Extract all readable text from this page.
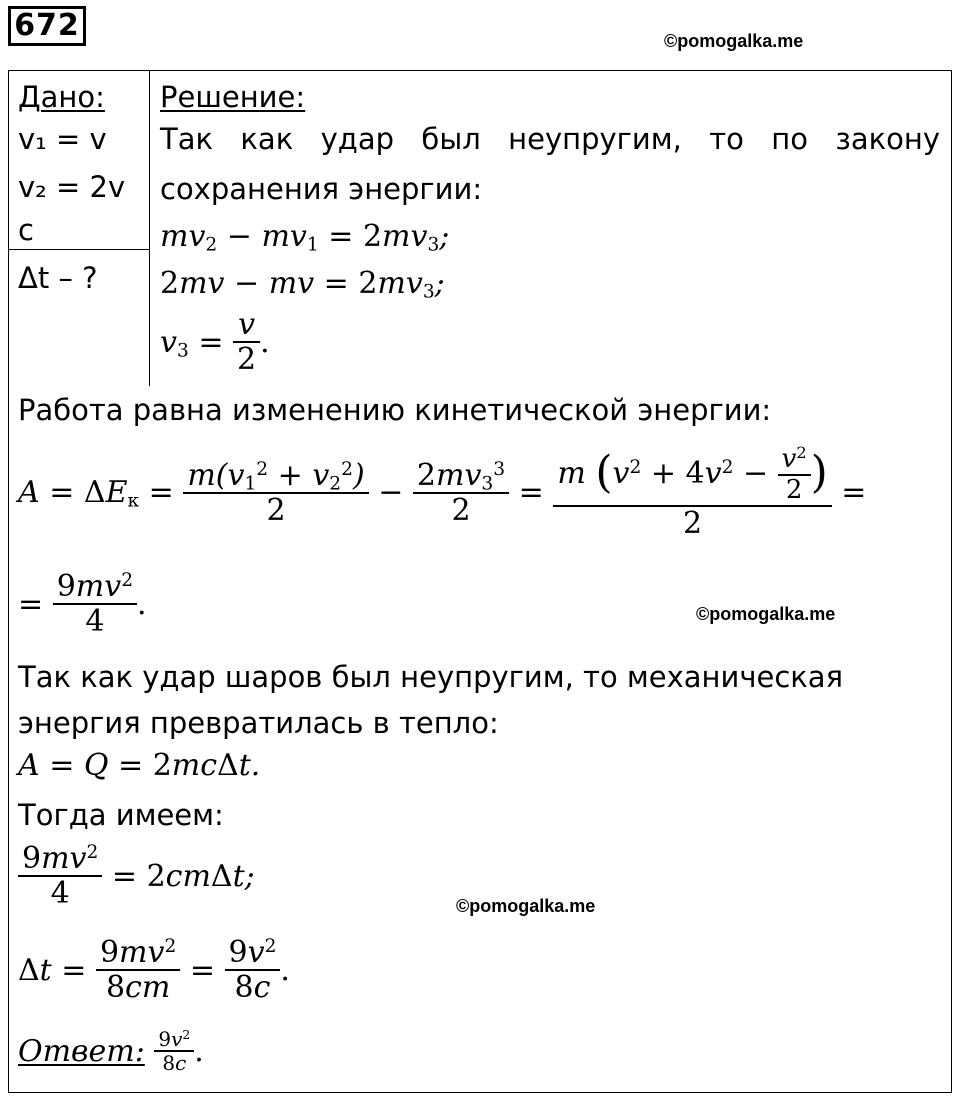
672	©pomogalka.me
Дано:
v₁ = v
v₂ = 2v
c
Δt – ?
Решение:
Так как удар был неупругим, то по закону
сохранения энергии:
$mv_2 - mv_1 = 2mv_3$;
2mv − mv = $2mv_3$;
$v_3 = \frac{v}{2}$ .
Работа равна изменению кинетической энергии:
$A = \Delta E_к = \frac{m(v_1^2 + v_2^2)}{2} - \frac{2mv_3^3}{2} = \frac{m (v^2 + 4v^2 - \frac{v^2}{2} )}{2}$ =
= $\frac{9mv^2}{4}$ .	©pomogalka.me
Так как удар шаров был неупругим, то механическая
энергия превратилась в тепло:
A = Q = 2mcΔt.
Тогда имеем:
$\frac{9mv^2}{4} = 2cm\Delta t$;
©pomogalka.me
$\Delta t = \frac{9mv^2}{8cm} = \frac{9v^2}{8c}$ .
Ответ:
$\frac{9v^2}{8c}$ .
